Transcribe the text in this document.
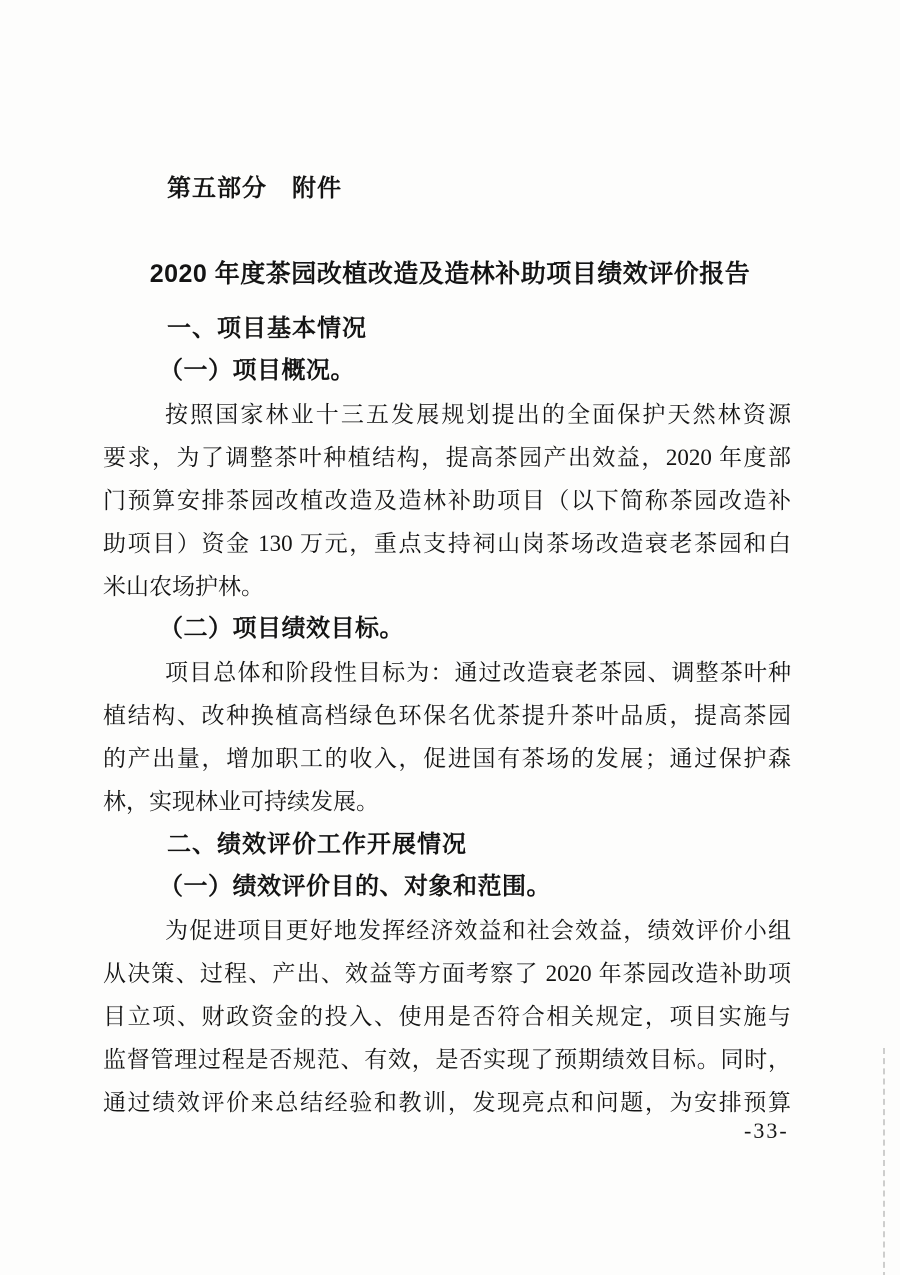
第五部分　附件
2020 年度茶园改植改造及造林补助项目绩效评价报告
一、项目基本情况
（一）项目概况。
按照国家林业十三五发展规划提出的全面保护天然林资源
要求，为了调整茶叶种植结构，提高茶园产出效益，2020 年度部
门预算安排茶园改植改造及造林补助项目（以下简称茶园改造补
助项目）资金 130 万元，重点支持祠山岗茶场改造衰老茶园和白
米山农场护林。
（二）项目绩效目标。
项目总体和阶段性目标为：通过改造衰老茶园、调整茶叶种
植结构、改种换植高档绿色环保名优茶提升茶叶品质，提高茶园
的产出量，增加职工的收入，促进国有茶场的发展；通过保护森
林，实现林业可持续发展。
二、绩效评价工作开展情况
（一）绩效评价目的、对象和范围。
为促进项目更好地发挥经济效益和社会效益，绩效评价小组
从决策、过程、产出、效益等方面考察了 2020 年茶园改造补助项
目立项、财政资金的投入、使用是否符合相关规定，项目实施与
监督管理过程是否规范、有效，是否实现了预期绩效目标。同时，
通过绩效评价来总结经验和教训，发现亮点和问题，为安排预算
-33-
